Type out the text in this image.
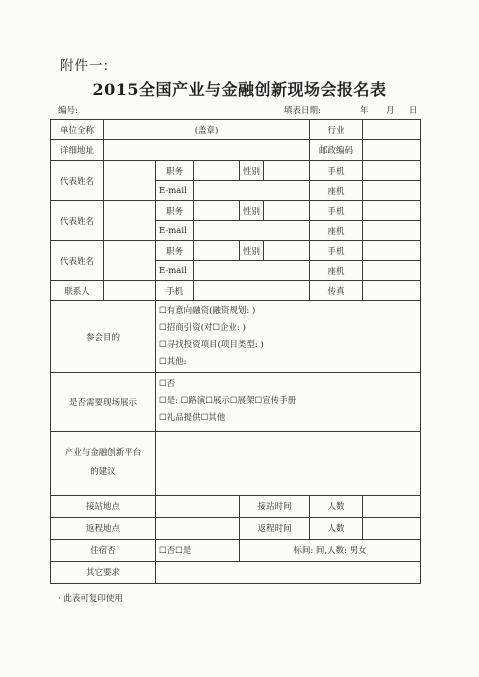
附件一:
2015全国产业与金融创新现场会报名表
编号:	填表日期:	年 月 日
单位全称	(盖章)					行业	
详细地址						邮政编码	
代表姓名		职务		性别		手机	
		E-mail				座机	
代表姓名		职务		性别		手机	
		E-mail				座机	
代表姓名		职务		性别		手机	
		E-mail				座机	
联系人		手机				传真	
参会目的		☐有意向融资(融资规划: )
☐招商引资(对☐企业: )
☐寻找投资项目(项目类型: )
☐其他:					

是否需要现场展示		☐否
☐是: ☐路演☐展示☐展架☐宣传手册
☐礼品提供☐其他					

产业与金融创新平台
的建议							
接站地点				接站时间		人数	
返程地点				返程时间		人数	
住宿否		☐否☐是		标间: 间,人数: 男女			
其它要求							
· 此表可复印使用
